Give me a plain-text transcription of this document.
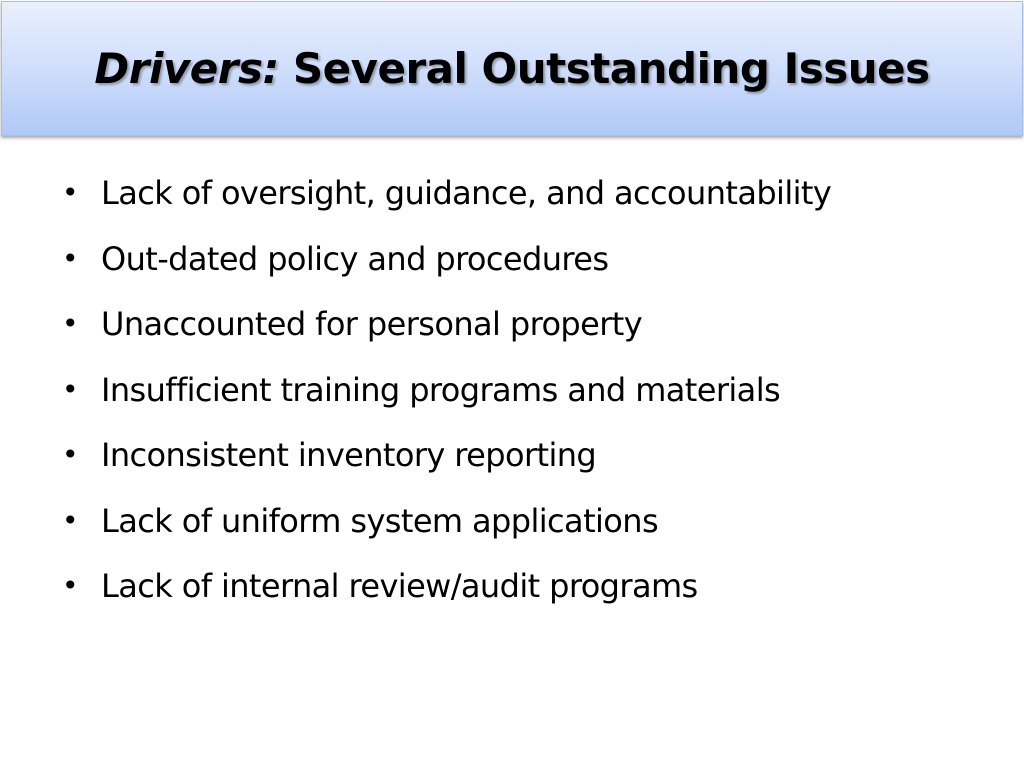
Drivers: Several Outstanding Issues
• Lack of oversight, guidance, and accountability
• Out-dated policy and procedures
• Unaccounted for personal property
• Insufficient training programs and materials
• Inconsistent inventory reporting
• Lack of uniform system applications
• Lack of internal review/audit programs
